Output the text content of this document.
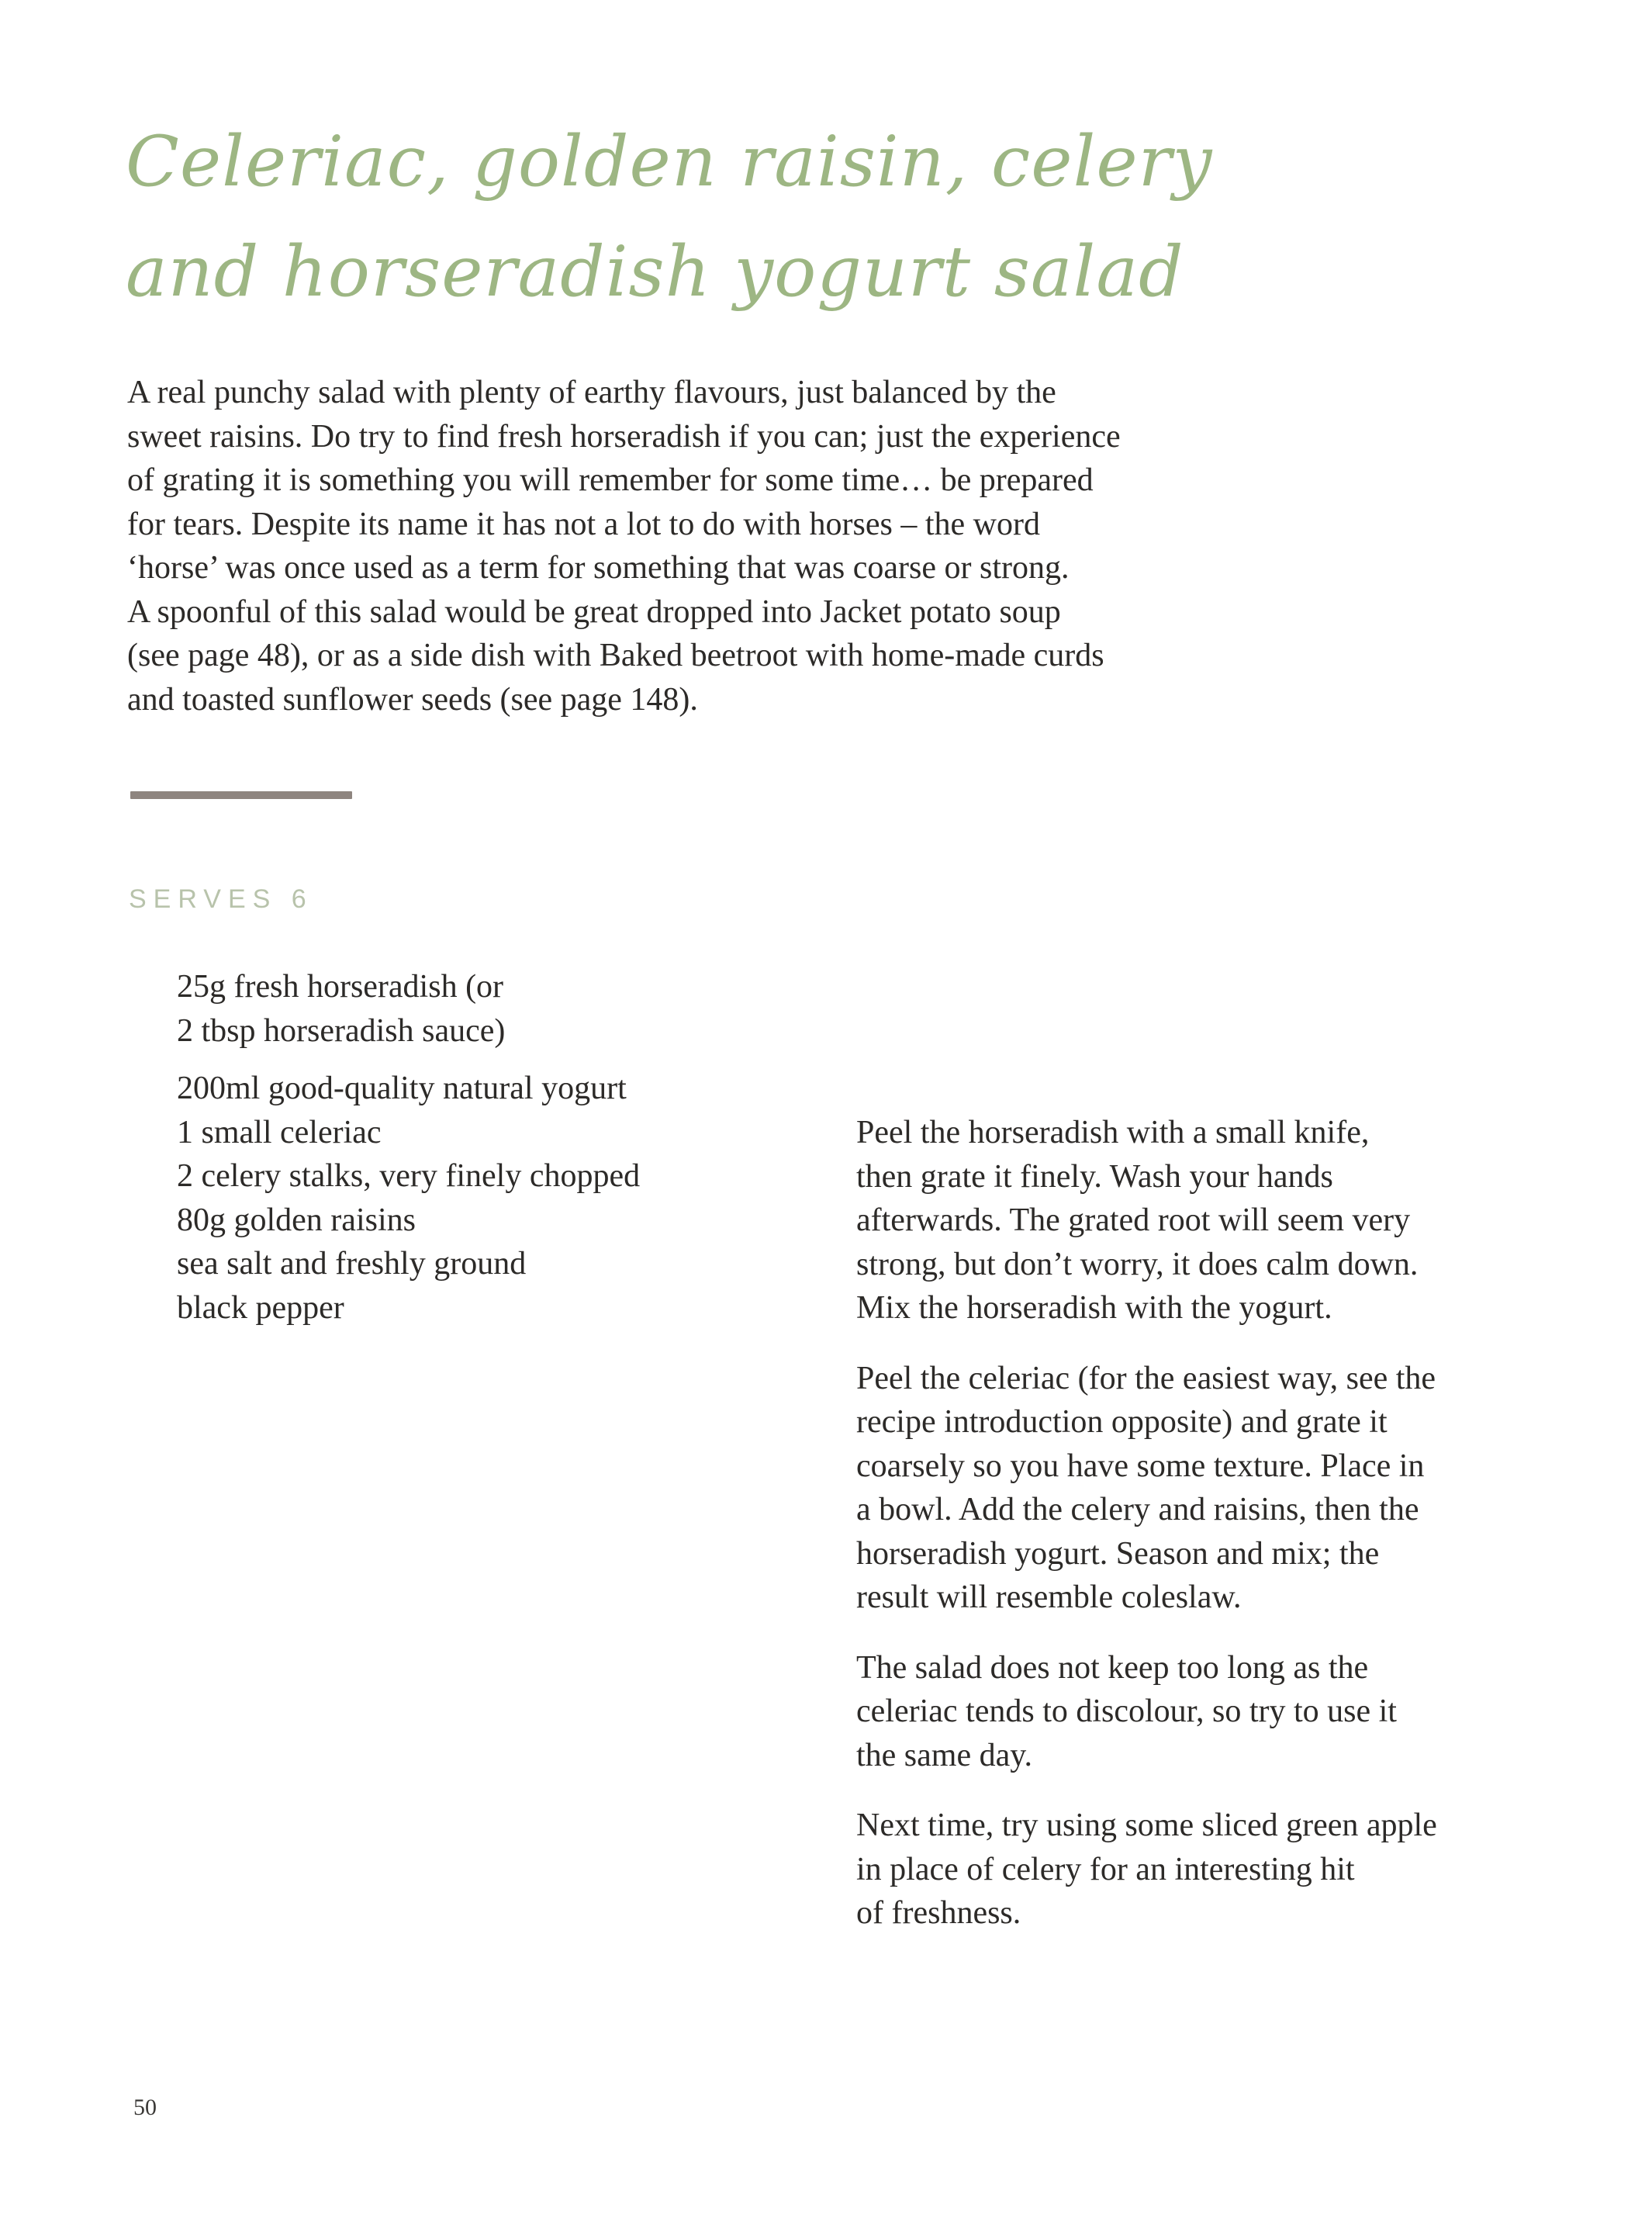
Celeriac, golden raisin, celery
and horseradish yogurt salad
A real punchy salad with plenty of earthy flavours, just balanced by the
sweet raisins. Do try to find fresh horseradish if you can; just the experience
of grating it is something you will remember for some time… be prepared
for tears. Despite its name it has not a lot to do with horses – the word
‘horse’ was once used as a term for something that was coarse or strong.
A spoonful of this salad would be great dropped into Jacket potato soup
(see page 48), or as a side dish with Baked beetroot with home-made curds
and toasted sunflower seeds (see page 148).
SERVES 6
25g fresh horseradish (or
2 tbsp horseradish sauce)
200ml good-quality natural yogurt
1 small celeriac
2 celery stalks, very finely chopped
80g golden raisins
sea salt and freshly ground
black pepper

Peel the horseradish with a small knife,
then grate it finely. Wash your hands
afterwards. The grated root will seem very
strong, but don’t worry, it does calm down.
Mix the horseradish with the yogurt.

Peel the celeriac (for the easiest way, see the
recipe introduction opposite) and grate it
coarsely so you have some texture. Place in
a bowl. Add the celery and raisins, then the
horseradish yogurt. Season and mix; the
result will resemble coleslaw.

The salad does not keep too long as the
celeriac tends to discolour, so try to use it
the same day.

Next time, try using some sliced green apple
in place of celery for an interesting hit
of freshness.

50
